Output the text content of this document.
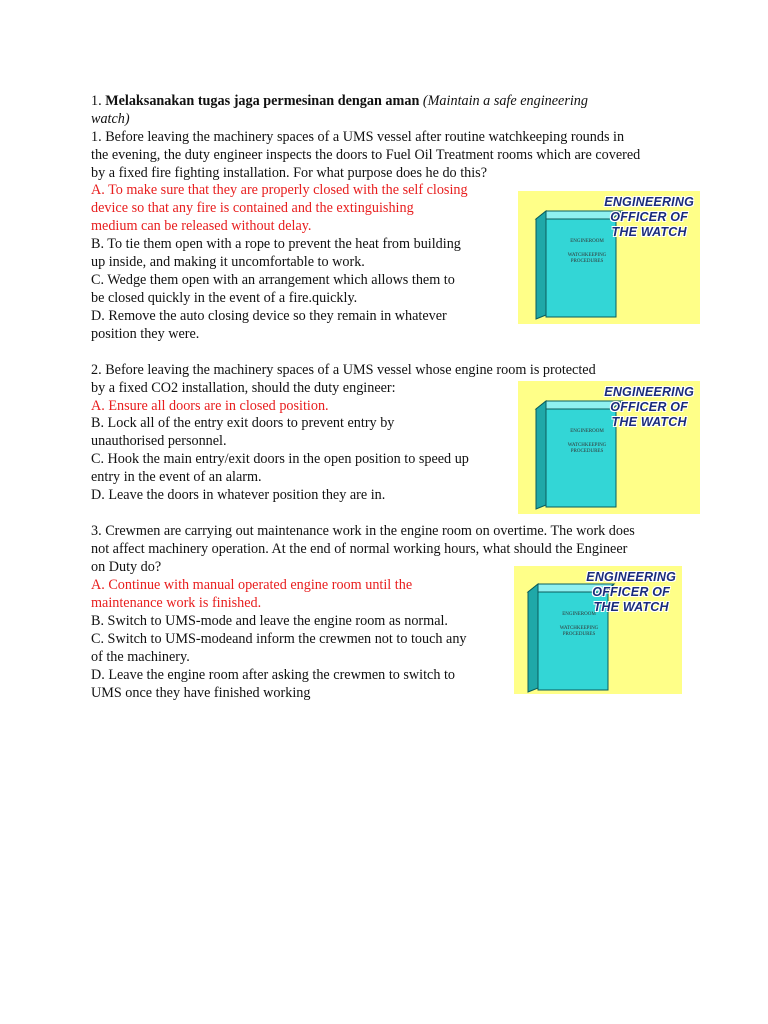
1. Melaksanakan tugas jaga permesinan dengan aman (Maintain a safe engineering
watch)
1. Before leaving the machinery spaces of a UMS vessel after routine watchkeeping rounds in
the evening, the duty engineer inspects the doors to Fuel Oil Treatment rooms which are covered
by a fixed fire fighting installation. For what purpose does he do this?
A. To make sure that they are properly closed with the self closing
device so that any fire is contained and the extinguishing
medium can be released without delay.
B. To tie them open with a rope to prevent the heat from building
up inside, and making it uncomfortable to work.
C. Wedge them open with an arrangement which allows them to
be closed quickly in the event of a fire.quickly.
D. Remove the auto closing device so they remain in whatever
position they were.
2. Before leaving the machinery spaces of a UMS vessel whose engine room is protected
by a fixed CO2 installation, should the duty engineer:
A. Ensure all doors are in closed position.
B. Lock all of the entry exit doors to prevent entry by
unauthorised personnel.
C. Hook the main entry/exit doors in the open position to speed up
entry in the event of an alarm.
D. Leave the doors in whatever position they are in.
3. Crewmen are carrying out maintenance work in the engine room on overtime. The work does
not affect machinery operation. At the end of normal working hours, what should the Engineer
on Duty do?
A. Continue with manual operated engine room until the
maintenance work is finished.
B. Switch to UMS-mode and leave the engine room as normal.
C. Switch to UMS-modeand inform the crewmen not to touch any
of the machinery.
D. Leave the engine room after asking the crewmen to switch to
UMS once they have finished working
ENGINEROOM
WATCHKEEPING
PROCEDURES
ENGINEERING
OFFICER OF
THE WATCH
ENGINEROOM
WATCHKEEPING
PROCEDURES
ENGINEERING
OFFICER OF
THE WATCH
ENGINEROOM
WATCHKEEPING
PROCEDURES
ENGINEERING
OFFICER OF
THE WATCH
